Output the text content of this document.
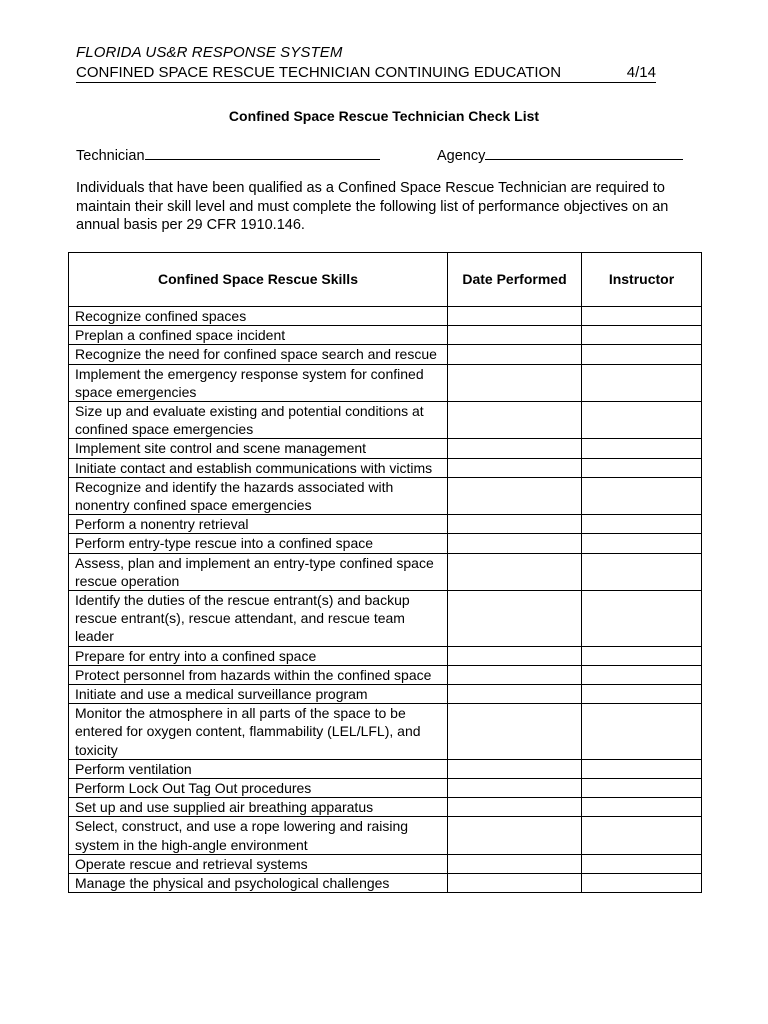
FLORIDA US&R RESPONSE SYSTEM
CONFINED SPACE RESCUE TECHNICIAN CONTINUING EDUCATION	4/14
Confined Space Rescue Technician Check List
Technician	Agency
Individuals that have been qualified as a Confined Space Rescue Technician are required to maintain their skill level and must complete the following list of performance objectives on an annual basis per 29 CFR 1910.146.
Confined Space Rescue Skills	Date Performed	Instructor
Recognize confined spaces		
Preplan a confined space incident		
Recognize the need for confined space search and rescue		
Implement the emergency response system for confined space emergencies		
Size up and evaluate existing and potential conditions at confined space emergencies		
Implement site control and scene management		
Initiate contact and establish communications with victims		
Recognize and identify the hazards associated with nonentry confined space emergencies		
Perform a nonentry retrieval		
Perform entry-type rescue into a confined space		
Assess, plan and implement an entry-type confined space rescue operation		
Identify the duties of the rescue entrant(s) and backup rescue entrant(s), rescue attendant, and rescue team leader		
Prepare for entry into a confined space		
Protect personnel from hazards within the confined space		
Initiate and use a medical surveillance program		
Monitor the atmosphere in all parts of the space to be entered for oxygen content, flammability (LEL/LFL), and toxicity		
Perform ventilation		
Perform Lock Out Tag Out procedures		
Set up and use supplied air breathing apparatus		
Select, construct, and use a rope lowering and raising system in the high-angle environment		
Operate rescue and retrieval systems		
Manage the physical and psychological challenges		
